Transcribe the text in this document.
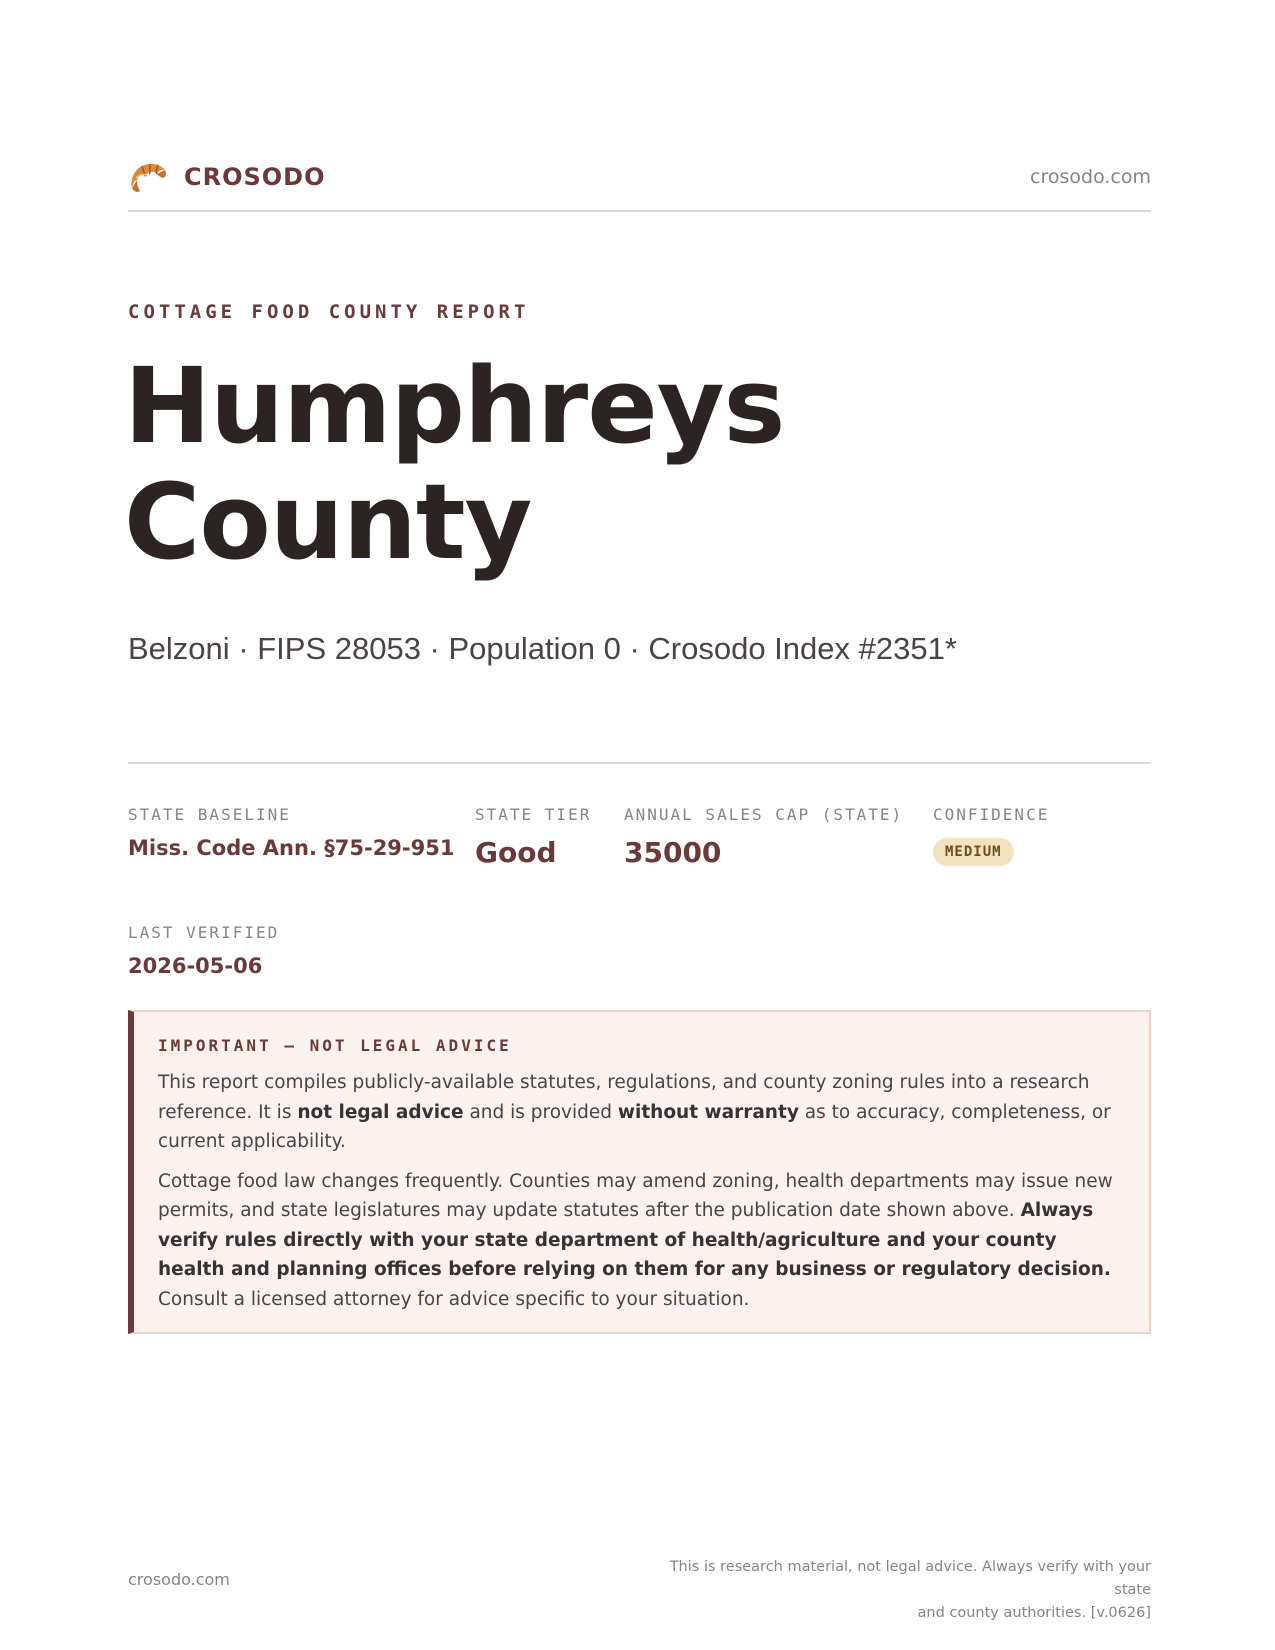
CROSODO	crosodo.com
COTTAGE FOOD COUNTY REPORT
Humphreys
County
Belzoni · FIPS 28053 · Population 0 · Crosodo Index #2351*
STATE BASELINE
Miss. Code Ann. §75-29-951
STATE TIER
Good
ANNUAL SALES CAP (STATE)
35000
CONFIDENCE
MEDIUM
LAST VERIFIED
2026-05-06
IMPORTANT — NOT LEGAL ADVICE

This report compiles publicly-available statutes, regulations, and county zoning rules into a research reference. It is not legal advice and is provided without warranty as to accuracy, completeness, or current applicability.

Cottage food law changes frequently. Counties may amend zoning, health departments may issue new permits, and state legislatures may update statutes after the publication date shown above. Always verify rules directly with your state department of health/agriculture and your county health and planning offices before relying on them for any business or regulatory decision. Consult a licensed attorney for advice specific to your situation.

crosodo.com
This is research material, not legal advice. Always verify with your state
and county authorities. [v.0626]
